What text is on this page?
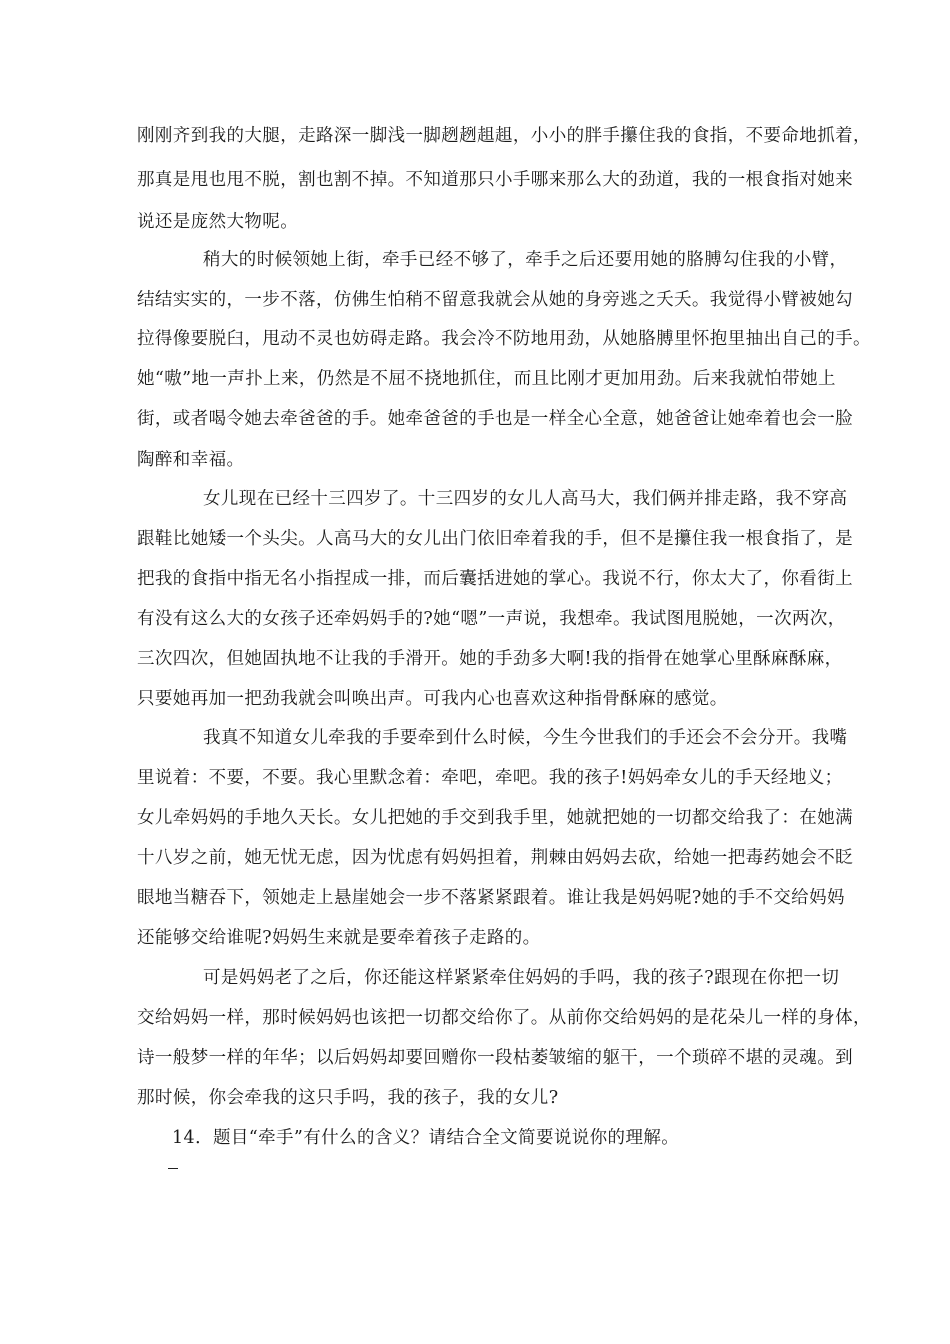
刚刚齐到我的大腿，走路深一脚浅一脚趔趔趄趄，小小的胖手攥住我的食指，不要命地抓着，
那真是甩也甩不脱，割也割不掉。不知道那只小手哪来那么大的劲道，我的一根食指对她来
说还是庞然大物呢。
稍大的时候领她上街，牵手已经不够了，牵手之后还要用她的胳膊勾住我的小臂，
结结实实的，一步不落，仿佛生怕稍不留意我就会从她的身旁逃之夭夭。我觉得小臂被她勾
拉得像要脱臼，甩动不灵也妨碍走路。我会冷不防地用劲，从她胳膊里怀抱里抽出自己的手。
她“嗷”地一声扑上来，仍然是不屈不挠地抓住，而且比刚才更加用劲。后来我就怕带她上
街，或者喝令她去牵爸爸的手。她牵爸爸的手也是一样全心全意，她爸爸让她牵着也会一脸
陶醉和幸福。
女儿现在已经十三四岁了。十三四岁的女儿人高马大，我们俩并排走路，我不穿高
跟鞋比她矮一个头尖。人高马大的女儿出门依旧牵着我的手，但不是攥住我一根食指了，是
把我的食指中指无名小指捏成一排，而后囊括进她的掌心。我说不行，你太大了，你看街上
有没有这么大的女孩子还牵妈妈手的?她“嗯”一声说，我想牵。我试图甩脱她，一次两次，
三次四次，但她固执地不让我的手滑开。她的手劲多大啊!我的指骨在她掌心里酥麻酥麻，
只要她再加一把劲我就会叫唤出声。可我内心也喜欢这种指骨酥麻的感觉。
我真不知道女儿牵我的手要牵到什么时候，今生今世我们的手还会不会分开。我嘴
里说着：不要，不要。我心里默念着：牵吧，牵吧。我的孩子!妈妈牵女儿的手天经地义；
女儿牵妈妈的手地久天长。女儿把她的手交到我手里，她就把她的一切都交给我了：在她满
十八岁之前，她无忧无虑，因为忧虑有妈妈担着，荆棘由妈妈去砍，给她一把毒药她会不眨
眼地当糖吞下，领她走上悬崖她会一步不落紧紧跟着。谁让我是妈妈呢?她的手不交给妈妈
还能够交给谁呢?妈妈生来就是要牵着孩子走路的。
可是妈妈老了之后，你还能这样紧紧牵住妈妈的手吗，我的孩子?跟现在你把一切
交给妈妈一样，那时候妈妈也该把一切都交给你了。从前你交给妈妈的是花朵儿一样的身体，
诗一般梦一样的年华；以后妈妈却要回赠你一段枯萎皱缩的躯干，一个琐碎不堪的灵魂。到
那时候，你会牵我的这只手吗，我的孩子，我的女儿?
14．题目“牵手”有什么的含义？请结合全文简要说说你的理解。
